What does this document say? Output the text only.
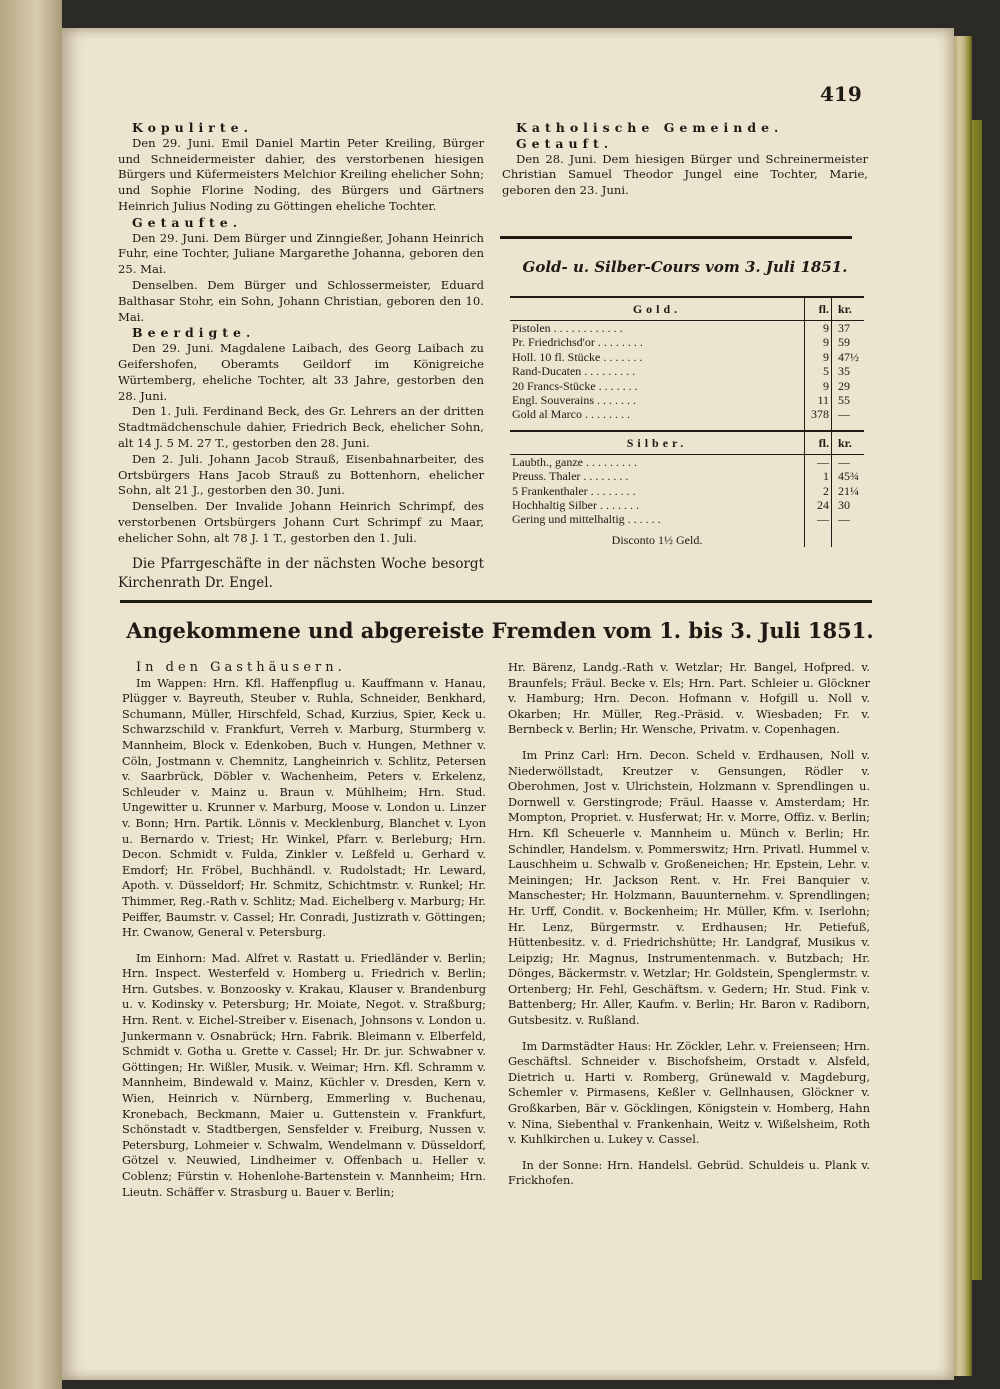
419

Kopulirte.

Den 29. Juni. Emil Daniel Martin Peter Kreiling, Bürger und Schneidermeister dahier, des verstorbenen hiesigen Bürgers und Küfermeisters Melchior Kreiling ehelicher Sohn; und Sophie Florine Noding, des Bürgers und Gärtners Heinrich Julius Noding zu Göttingen eheliche Tochter.

Getaufte.

Den 29. Juni. Dem Bürger und Zinngießer, Johann Heinrich Fuhr, eine Tochter, Juliane Margarethe Johanna, geboren den 25. Mai.

Denselben. Dem Bürger und Schlossermeister, Eduard Balthasar Stohr, ein Sohn, Johann Christian, geboren den 10. Mai.

Beerdigte.

Den 29. Juni. Magdalene Laibach, des Georg Laibach zu Geifershofen, Oberamts Geildorf im Königreiche Würtemberg, eheliche Tochter, alt 33 Jahre, gestorben den 28. Juni.

Den 1. Juli. Ferdinand Beck, des Gr. Lehrers an der dritten Stadtmädchenschule dahier, Friedrich Beck, ehelicher Sohn, alt 14 J. 5 M. 27 T., gestorben den 28. Juni.

Den 2. Juli. Johann Jacob Strauß, Eisenbahnarbeiter, des Ortsbürgers Hans Jacob Strauß zu Bottenhorn, ehelicher Sohn, alt 21 J., gestorben den 30. Juni.

Denselben. Der Invalide Johann Heinrich Schrimpf, des verstorbenen Ortsbürgers Johann Curt Schrimpf zu Maar, ehelicher Sohn, alt 78 J. 1 T., gestorben den 1. Juli.

Die Pfarrgeschäfte in der nächsten Woche besorgt Kirchenrath Dr. Engel.

Katholische Gemeinde.

Getauft.

Den 28. Juni. Dem hiesigen Bürger und Schreinermeister Christian Samuel Theodor Jungel eine Tochter, Marie, geboren den 23. Juni.

Gold- u. Silber-Cours vom 3. Juli 1851.
Gold.	fl.	kr.
Pistolen . . . . . . . . . . . .	9	37
Pr. Friedrichsd'or . . . . . . . .	9	59
Holl. 10 fl. Stücke . . . . . . .	9	47½
Rand-Ducaten . . . . . . . . .	5	35
20 Francs-Stücke . . . . . . .	9	29
Engl. Souverains . . . . . . .	11	55
Gold al Marco . . . . . . . .	378	—

Silber.	fl.	kr.
Laubth., ganze . . . . . . . . .	—	—
Preuss. Thaler . . . . . . . .	1	45¾
5 Frankenthaler . . . . . . . .	2	21¼
Hochhaltig Silber . . . . . . .	24	30
Gering und mittelhaltig . . . . . .	—	—
Disconto 1½ Geld.		
Angekommene und abgereiste Fremden vom 1. bis 3. Juli 1851.

In den Gasthäusern.

Im Wappen: Hrn. Kfl. Haffenpflug u. Kauffmann v. Hanau, Plügger v. Bayreuth, Steuber v. Ruhla, Schneider, Benkhard, Schumann, Müller, Hirschfeld, Schad, Kurzius, Spier, Keck u. Schwarzschild v. Frankfurt, Verreh v. Marburg, Sturmberg v. Mannheim, Block v. Edenkoben, Buch v. Hungen, Methner v. Cöln, Jostmann v. Chemnitz, Langheinrich v. Schlitz, Petersen v. Saarbrück, Döbler v. Wachenheim, Peters v. Erkelenz, Schleuder v. Mainz u. Braun v. Mühlheim; Hrn. Stud. Ungewitter u. Krunner v. Marburg, Moose v. London u. Linzer v. Bonn; Hrn. Partik. Lönnis v. Mecklenburg, Blanchet v. Lyon u. Bernardo v. Triest; Hr. Winkel, Pfarr. v. Berleburg; Hrn. Decon. Schmidt v. Fulda, Zinkler v. Leßfeld u. Gerhard v. Emdorf; Hr. Fröbel, Buchhändl. v. Rudolstadt; Hr. Leward, Apoth. v. Düsseldorf; Hr. Schmitz, Schichtmstr. v. Runkel; Hr. Thimmer, Reg.-Rath v. Schlitz; Mad. Eichelberg v. Marburg; Hr. Peiffer, Baumstr. v. Cassel; Hr. Conradi, Justizrath v. Göttingen; Hr. Cwanow, General v. Petersburg.

Im Einhorn: Mad. Alfret v. Rastatt u. Friedländer v. Berlin; Hrn. Inspect. Westerfeld v. Homberg u. Friedrich v. Berlin; Hrn. Gutsbes. v. Bonzoosky v. Krakau, Klauser v. Brandenburg u. v. Kodinsky v. Petersburg; Hr. Moiate, Negot. v. Straßburg; Hrn. Rent. v. Eichel-Streiber v. Eisenach, Johnsons v. London u. Junkermann v. Osnabrück; Hrn. Fabrik. Bleimann v. Elberfeld, Schmidt v. Gotha u. Grette v. Cassel; Hr. Dr. jur. Schwabner v. Göttingen; Hr. Wißler, Musik. v. Weimar; Hrn. Kfl. Schramm v. Mannheim, Bindewald v. Mainz, Küchler v. Dresden, Kern v. Wien, Heinrich v. Nürnberg, Emmerling v. Buchenau, Kronebach, Beckmann, Maier u. Guttenstein v. Frankfurt, Schönstadt v. Stadtbergen, Sensfelder v. Freiburg, Nussen v. Petersburg, Lohmeier v. Schwalm, Wendelmann v. Düsseldorf, Götzel v. Neuwied, Lindheimer v. Offenbach u. Heller v. Coblenz; Fürstin v. Hohenlohe-Bartenstein v. Mannheim; Hrn. Lieutn. Schäffer v. Strasburg u. Bauer v. Berlin;

Hr. Bärenz, Landg.-Rath v. Wetzlar; Hr. Bangel, Hofpred. v. Braunfels; Fräul. Becke v. Els; Hrn. Part. Schleier u. Glöckner v. Hamburg; Hrn. Decon. Hofmann v. Hofgill u. Noll v. Okarben; Hr. Müller, Reg.-Präsid. v. Wiesbaden; Fr. v. Bernbeck v. Berlin; Hr. Wensche, Privatm. v. Copenhagen.

Im Prinz Carl: Hrn. Decon. Scheld v. Erdhausen, Noll v. Niederwöllstadt, Kreutzer v. Gensungen, Rödler v. Oberohmen, Jost v. Ulrichstein, Holzmann v. Sprendlingen u. Dornwell v. Gerstingrode; Fräul. Haasse v. Amsterdam; Hr. Mompton, Propriet. v. Husferwat; Hr. v. Morre, Offiz. v. Berlin; Hrn. Kfl Scheuerle v. Mannheim u. Münch v. Berlin; Hr. Schindler, Handelsm. v. Pommerswitz; Hrn. Privatl. Hummel v. Lauschheim u. Schwalb v. Großeneichen; Hr. Epstein, Lehr. v. Meiningen; Hr. Jackson Rent. v. Hr. Frei Banquier v. Manschester; Hr. Holzmann, Bauunternehm. v. Sprendlingen; Hr. Urff, Condit. v. Bockenheim; Hr. Müller, Kfm. v. Iserlohn; Hr. Lenz, Bürgermstr. v. Erdhausen; Hr. Petiefuß, Hüttenbesitz. v. d. Friedrichshütte; Hr. Landgraf, Musikus v. Leipzig; Hr. Magnus, Instrumentenmach. v. Butzbach; Hr. Dönges, Bäckermstr. v. Wetzlar; Hr. Goldstein, Spenglermstr. v. Ortenberg; Hr. Fehl, Geschäftsm. v. Gedern; Hr. Stud. Fink v. Battenberg; Hr. Aller, Kaufm. v. Berlin; Hr. Baron v. Radiborn, Gutsbesitz. v. Rußland.

Im Darmstädter Haus: Hr. Zöckler, Lehr. v. Freienseen; Hrn. Geschäftsl. Schneider v. Bischofsheim, Orstadt v. Alsfeld, Dietrich u. Harti v. Romberg, Grünewald v. Magdeburg, Schemler v. Pirmasens, Keßler v. Gellnhausen, Glöckner v. Großkarben, Bär v. Göcklingen, Königstein v. Homberg, Hahn v. Nina, Siebenthal v. Frankenhain, Weitz v. Wißelsheim, Roth v. Kuhlkirchen u. Lukey v. Cassel.

In der Sonne: Hrn. Handelsl. Gebrüd. Schuldeis u. Plank v. Frickhofen.
